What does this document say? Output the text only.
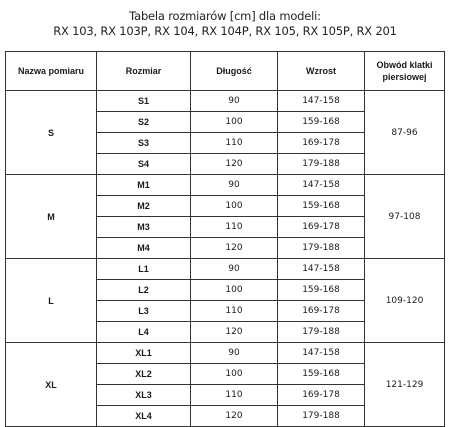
Tabela rozmiarów [cm] dla modeli:
RX 103, RX 103P, RX 104, RX 104P, RX 105, RX 105P, RX 201
Nazwa pomiaru	Rozmiar	Długość	Wzrost	Obwód klatki piersiowej
S	S1	90	147-158	87-96
	S2	100	159-168	
	S3	110	169-178	
	S4	120	179-188	
M	M1	90	147-158	97-108
	M2	100	159-168	
	M3	110	169-178	
	M4	120	179-188	
L	L1	90	147-158	109-120
	L2	100	159-168	
	L3	110	169-178	
	L4	120	179-188	
XL	XL1	90	147-158	121-129
	XL2	100	159-168	
	XL3	110	169-178	
	XL4	120	179-188	
